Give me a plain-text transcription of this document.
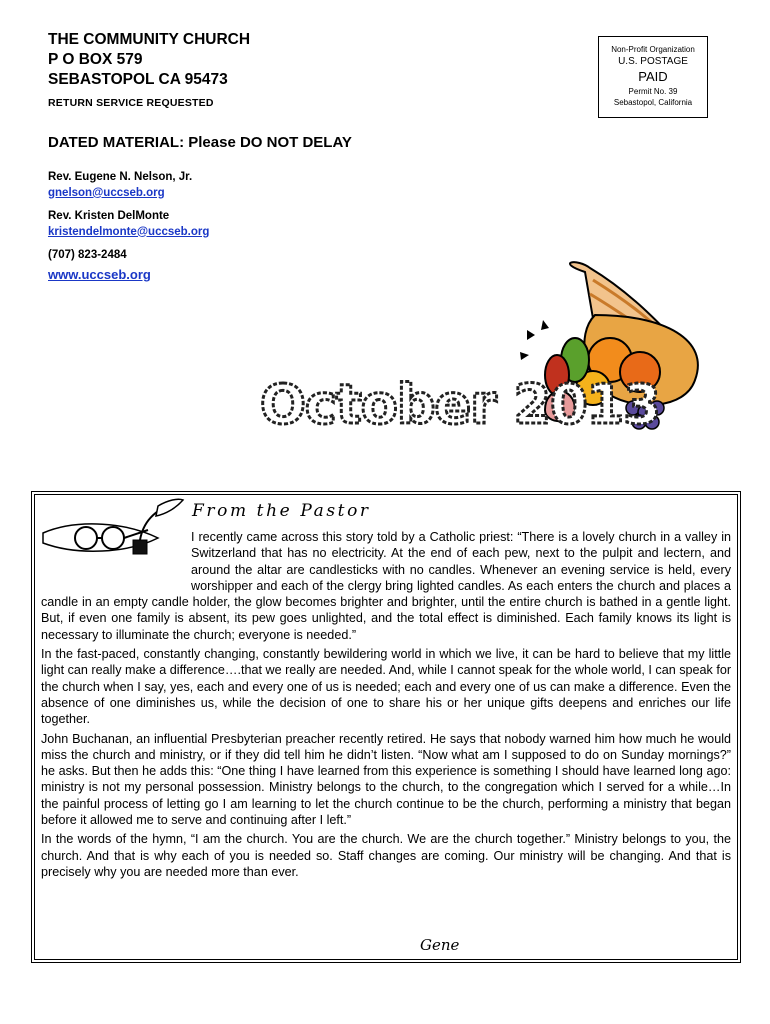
THE COMMUNITY CHURCH
P O BOX 579
SEBASTOPOL CA 95473
RETURN SERVICE REQUESTED
Non-Profit Organization
U.S. POSTAGE
PAID
Permit No. 39
Sebastopol, California
DATED MATERIAL: Please DO NOT DELAY
Rev. Eugene N. Nelson, Jr.
gnelson@uccseb.org
Rev. Kristen DelMonte
kristendelmonte@uccseb.org
(707) 823-2484
www.uccseb.org
October 2013
From the Pastor

I recently came across this story told by a Catholic priest: “There is a lovely church in a valley in Switzerland that has no electricity. At the end of each pew, next to the pulpit and lectern, and around the altar are candlesticks with no candles. Whenever an evening service is held, every worshipper and each of the clergy bring lighted candles. As each enters the church and places a candle in an empty candle holder, the glow becomes brighter and brighter, until the entire church is bathed in a gentle light. But, if even one family is absent, its pew goes unlighted, and the total effect is diminished. Each family knows its light is necessary to illuminate the church; everyone is needed.”

In the fast-paced, constantly changing, constantly bewildering world in which we live, it can be hard to believe that my little light can really make a difference….that we really are needed. And, while I cannot speak for the whole world, I can speak for the church when I say, yes, each and every one of us is needed; each and every one of us can make a difference. Even the absence of one diminishes us, while the decision of one to share his or her unique gifts deepens and enriches our life together.

John Buchanan, an influential Presbyterian preacher recently retired. He says that nobody warned him how much he would miss the church and ministry, or if they did tell him he didn’t listen. “Now what am I supposed to do on Sunday mornings?” he asks. But then he adds this: “One thing I have learned from this experience is something I should have learned long ago: ministry is not my personal possession. Ministry belongs to the church, to the congregation which I served for a while…In the painful process of letting go I am learning to let the church continue to be the church, performing a ministry that began before it allowed me to serve and continuing after I left.”

In the words of the hymn, “I am the church. You are the church. We are the church together.” Ministry belongs to you, the church. And that is why each of you is needed so. Staff changes are coming. Our ministry will be changing. And that is precisely why you are needed more than ever.

Gene
